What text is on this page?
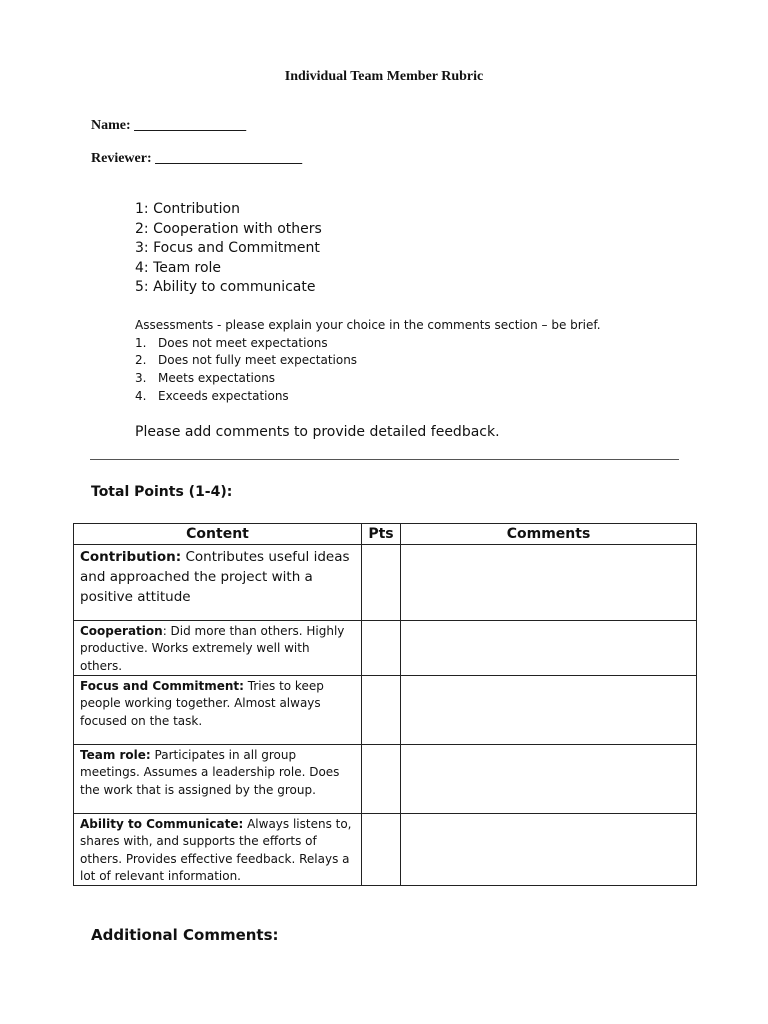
Individual Team Member Rubric
Name: ________________
Reviewer: _____________________
1: Contribution
2: Cooperation with others
3: Focus and Commitment
4: Team role
5: Ability to communicate
Assessments - please explain your choice in the comments section – be brief.
1. Does not meet expectations
2. Does not fully meet expectations
3. Meets expectations
4. Exceeds expectations
Please add comments to provide detailed feedback.
Total Points (1-4):
Content	Pts	Comments
Contribution: Contributes useful ideas and approached the project with a positive attitude		
Cooperation: Did more than others. Highly productive. Works extremely well with others.		
Focus and Commitment: Tries to keep people working together. Almost always focused on the task.		
Team role: Participates in all group meetings. Assumes a leadership role. Does the work that is assigned by the group.		
Ability to Communicate: Always listens to, shares with, and supports the efforts of others. Provides effective feedback. Relays a lot of relevant information.		
Additional Comments:
